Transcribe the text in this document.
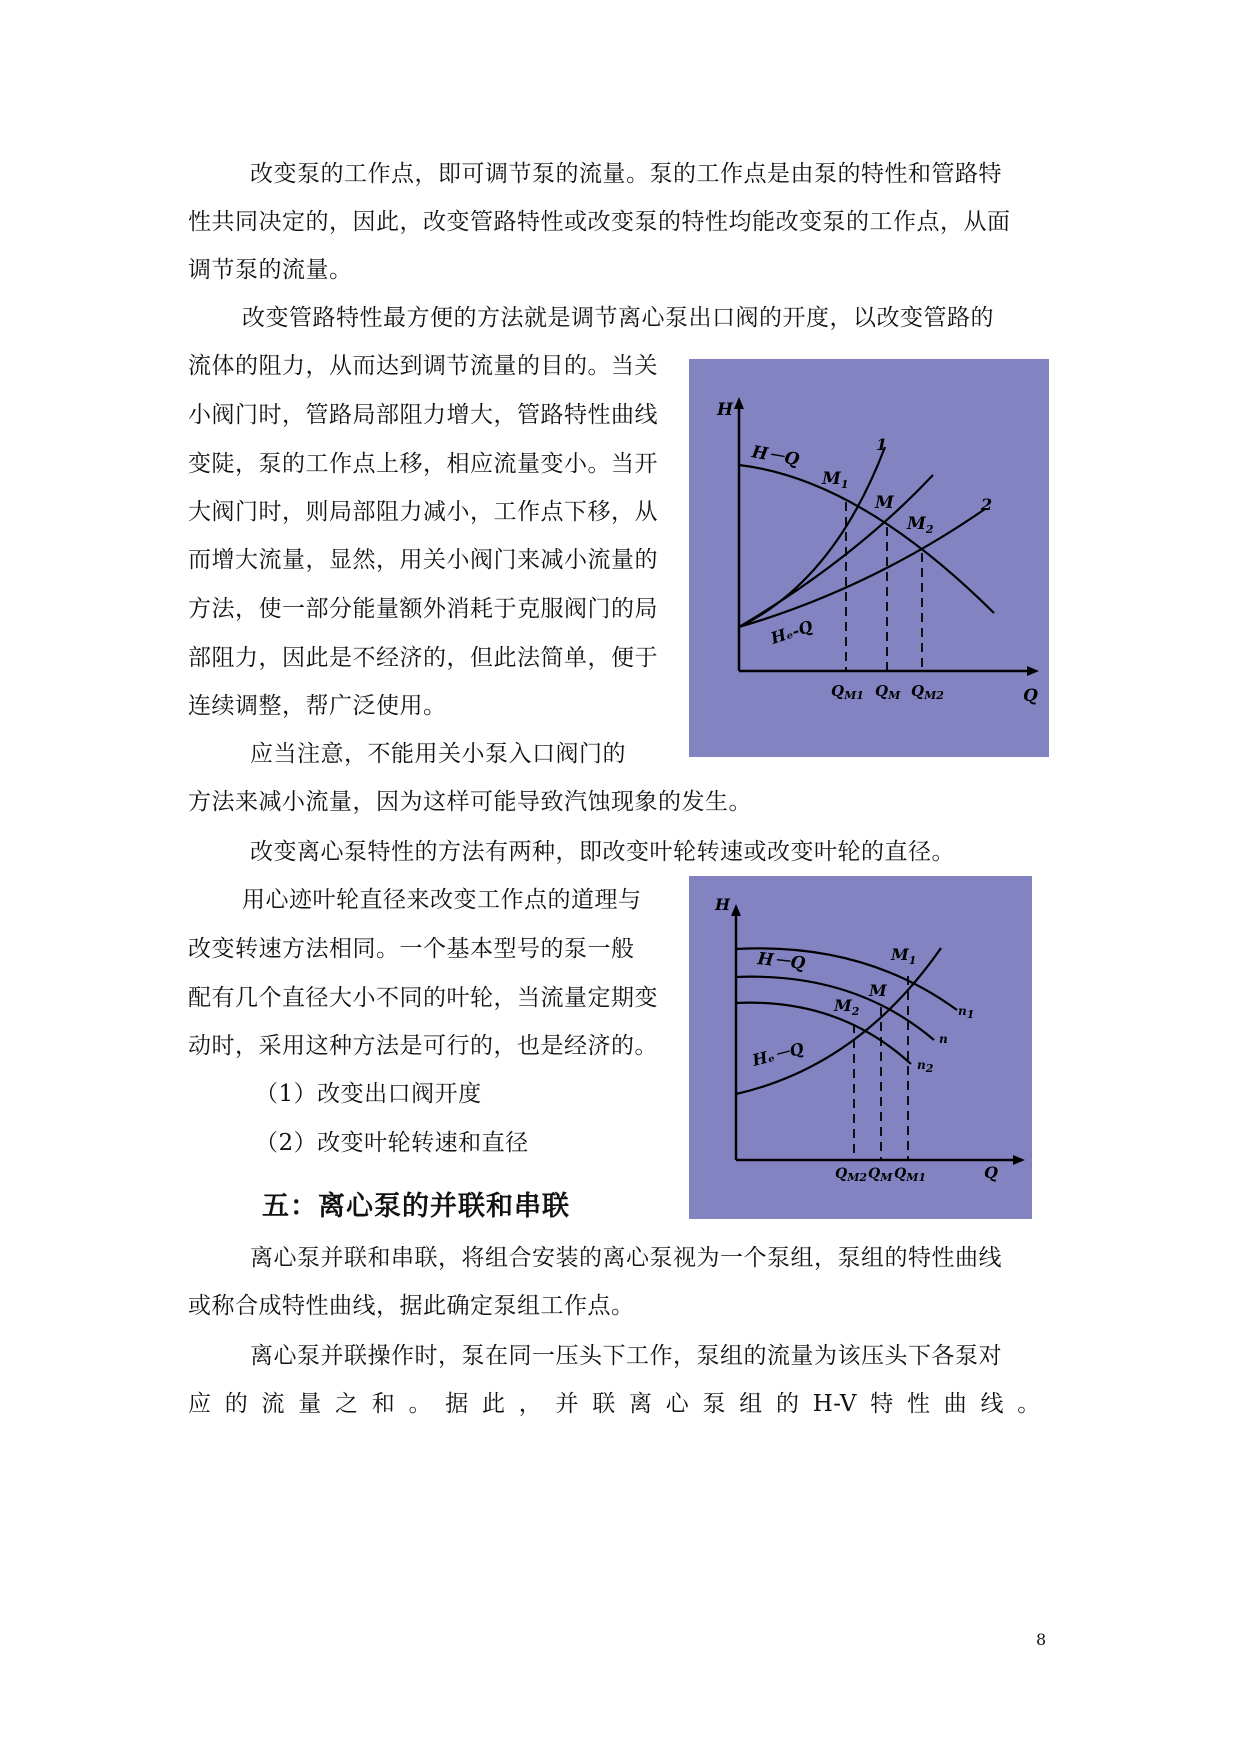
改变泵的工作点，即可调节泵的流量。泵的工作点是由泵的特性和管路特
性共同决定的，因此，改变管路特性或改变泵的特性均能改变泵的工作点，从面
调节泵的流量。
改变管路特性最方便的方法就是调节离心泵出口阀的开度，以改变管路的
流体的阻力，从而达到调节流量的目的。当关
小阀门时，管路局部阻力增大，管路特性曲线
变陡，泵的工作点上移，相应流量变小。当开
大阀门时，则局部阻力减小，工作点下移，从
而增大流量，显然，用关小阀门来减小流量的
方法，使一部分能量额外消耗于克服阀门的局
部阻力，因此是不经济的，但此法简单，便于
连续调整，帮广泛使用。
应当注意，不能用关小泵入口阀门的
方法来减小流量，因为这样可能导致汽蚀现象的发生。
改变离心泵特性的方法有两种，即改变叶轮转速或改变叶轮的直径。
用心迹叶轮直径来改变工作点的道理与
改变转速方法相同。一个基本型号的泵一般
配有几个直径大小不同的叶轮，当流量定期变
动时，采用这种方法是可行的，也是经济的。
（1）改变出口阀开度
（2）改变叶轮转速和直径
五：离心泵的并联和串联
离心泵并联和串联，将组合安装的离心泵视为一个泵组，泵组的特性曲线
或称合成特性曲线，据此确定泵组工作点。
离心泵并联操作时，泵在同一压头下工作，泵组的流量为该压头下各泵对
应 的 流 量 之 和 。 据 此 ， 并 联 离 心 泵 组 的 H-V 特 性 曲 线 。
H
Q
H－Q
Hₑ-Q
1
2
$M_1$
M
$M_2$
$Q_{M1}$ $Q_M$ $Q_{M2}$
H
Q
H－Q
Hₑ－Q
n1
n
n2
$M_1$
M
$M_2$
$Q_{M2}$ $Q_M$ $Q_{M1}$
8
